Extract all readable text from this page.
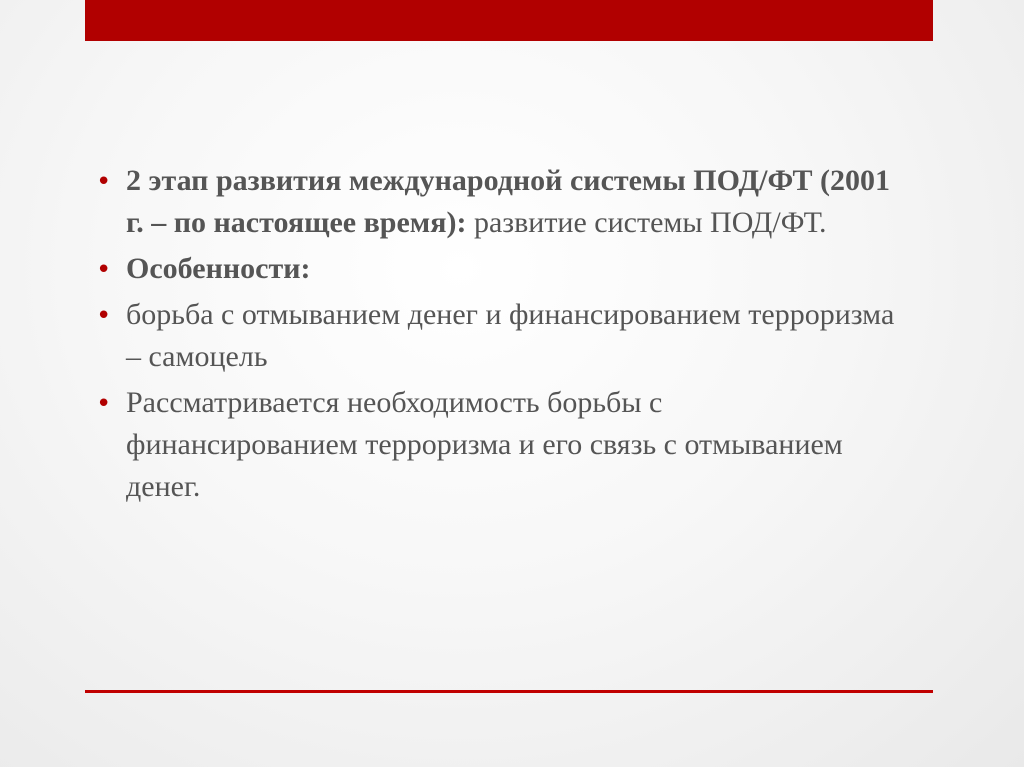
• 2 этап развития международной системы ПОД/ФТ (2001 г. – по настоящее время): развитие системы ПОД/ФТ.
• Особенности:
• борьба с отмыванием денег и финансированием терроризма – самоцель
• Рассматривается необходимость борьбы с финансированием терроризма и его связь с отмыванием денег.
